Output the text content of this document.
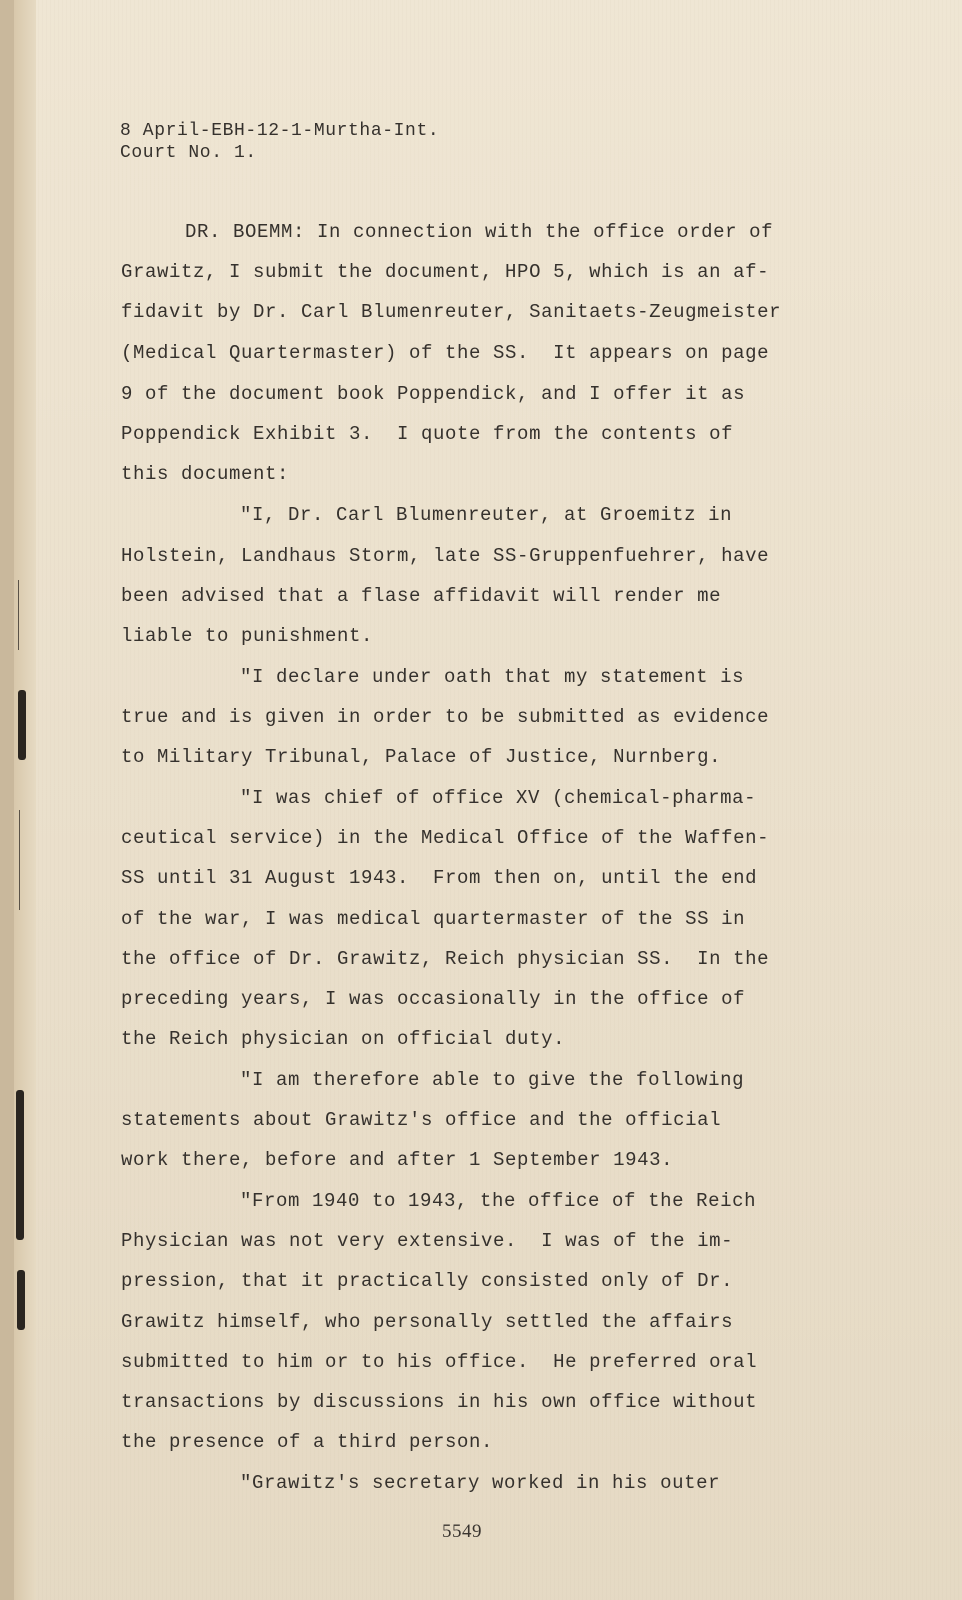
8 April-EBH-12-1-Murtha-Int.
Court No. 1.
DR. BOEMM: In connection with the office order of
Grawitz, I submit the document, HPO 5, which is an af-
fidavit by Dr. Carl Blumenreuter, Sanitaets-Zeugmeister
(Medical Quartermaster) of the SS.  It appears on page
9 of the document book Poppendick, and I offer it as
Poppendick Exhibit 3.  I quote from the contents of
this document:
"I, Dr. Carl Blumenreuter, at Groemitz in
Holstein, Landhaus Storm, late SS-Gruppenfuehrer, have
been advised that a flase affidavit will render me
liable to punishment.
"I declare under oath that my statement is
true and is given in order to be submitted as evidence
to Military Tribunal, Palace of Justice, Nurnberg.
"I was chief of office XV (chemical-pharma-
ceutical service) in the Medical Office of the Waffen-
SS until 31 August 1943.  From then on, until the end
of the war, I was medical quartermaster of the SS in
the office of Dr. Grawitz, Reich physician SS.  In the
preceding years, I was occasionally in the office of
the Reich physician on official duty.
"I am therefore able to give the following
statements about Grawitz's office and the official
work there, before and after 1 September 1943.
"From 1940 to 1943, the office of the Reich
Physician was not very extensive.  I was of the im-
pression, that it practically consisted only of Dr.
Grawitz himself, who personally settled the affairs
submitted to him or to his office.  He preferred oral
transactions by discussions in his own office without
the presence of a third person.
"Grawitz's secretary worked in his outer
5549
